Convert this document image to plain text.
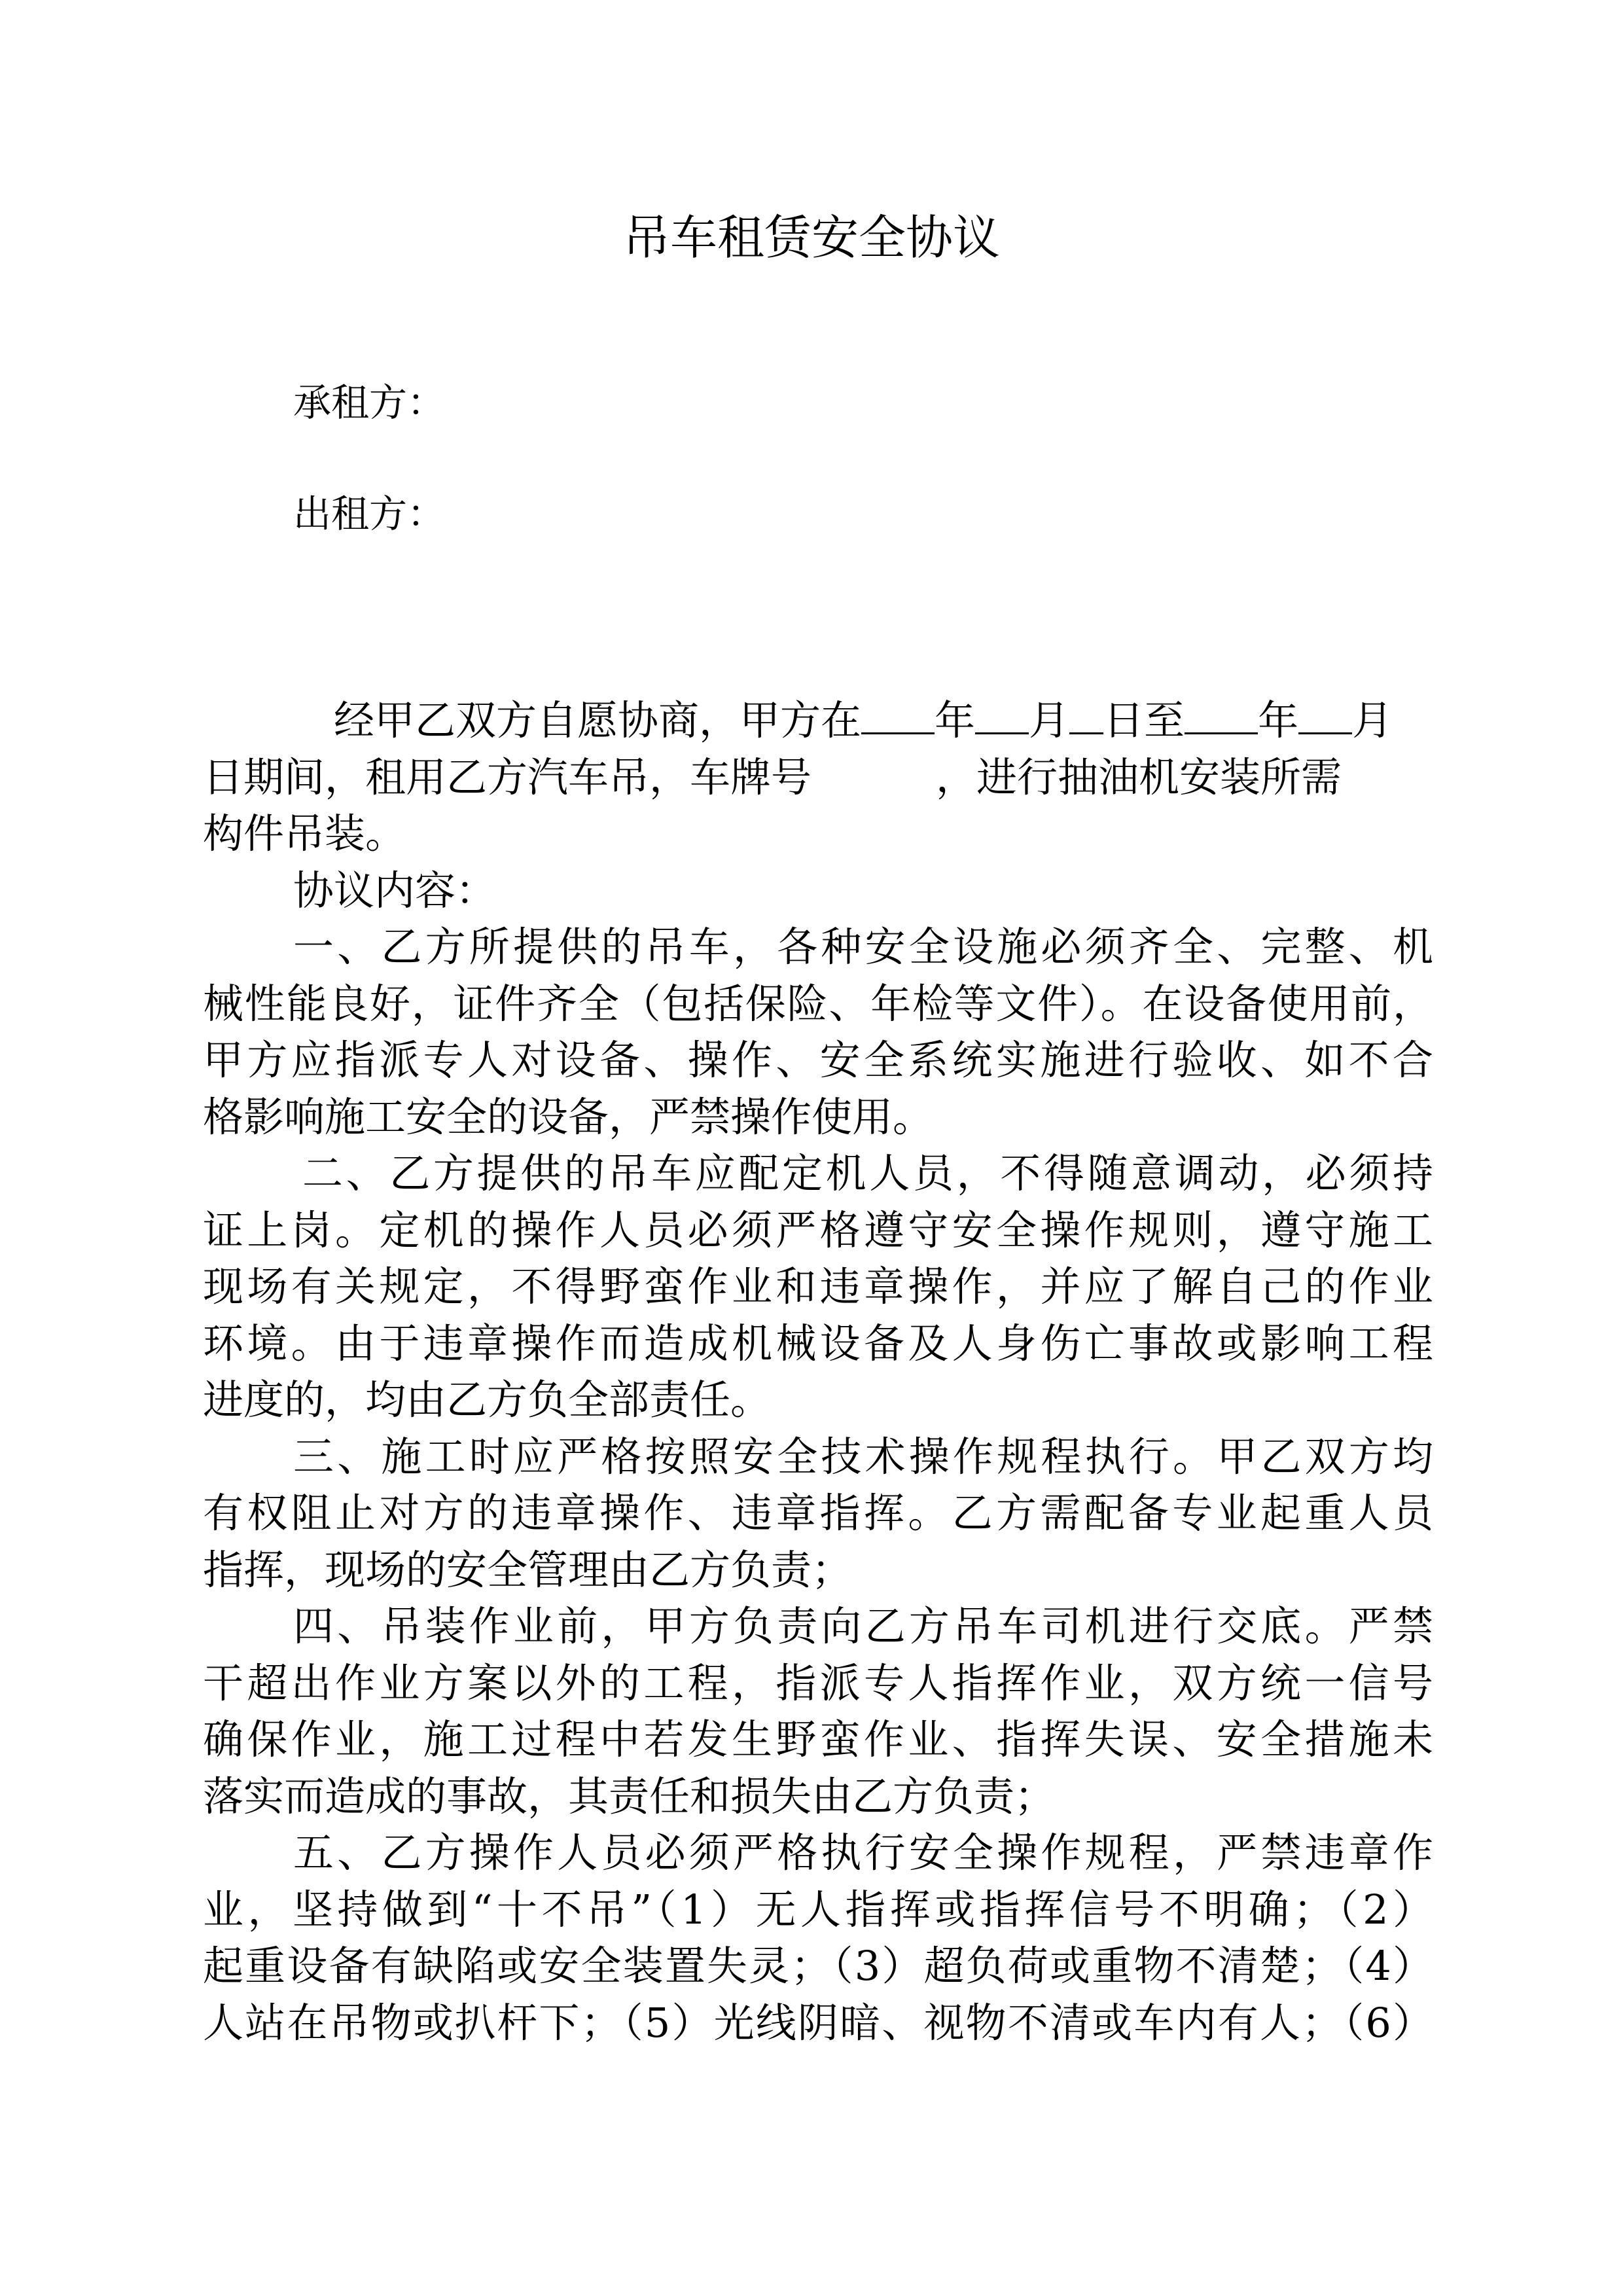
吊车租赁安全协议
承租方：
出租方：
经甲乙双方自愿协商，甲方在 年 月 日至 年 月
日期间，租用乙方汽车吊，车牌号	，进行抽油机安装所需
构件吊装。
协议内容：
一、乙方所提供的吊车，各种安全设施必须齐全、完整、机
械性能良好，证件齐全（包括保险、年检等文件）。在设备使用前，
甲方应指派专人对设备、操作、安全系统实施进行验收、如不合
格影响施工安全的设备，严禁操作使用。
二、乙方提供的吊车应配定机人员，不得随意调动，必须持
证上岗。定机的操作人员必须严格遵守安全操作规则，遵守施工
现场有关规定，不得野蛮作业和违章操作，并应了解自己的作业
环境。由于违章操作而造成机械设备及人身伤亡事故或影响工程
进度的，均由乙方负全部责任。
三、施工时应严格按照安全技术操作规程执行。甲乙双方均
有权阻止对方的违章操作、违章指挥。乙方需配备专业起重人员
指挥，现场的安全管理由乙方负责；
四、吊装作业前，甲方负责向乙方吊车司机进行交底。严禁
干超出作业方案以外的工程，指派专人指挥作业，双方统一信号
确保作业，施工过程中若发生野蛮作业、指挥失误、安全措施未
落实而造成的事故，其责任和损失由乙方负责；
五、乙方操作人员必须严格执行安全操作规程，严禁违章作
业，坚持做到“十不吊”（1）无人指挥或指挥信号不明确；（2）
起重设备有缺陷或安全装置失灵；（3）超负荷或重物不清楚；（4）
人站在吊物或扒杆下；（5）光线阴暗、视物不清或车内有人；（6）
